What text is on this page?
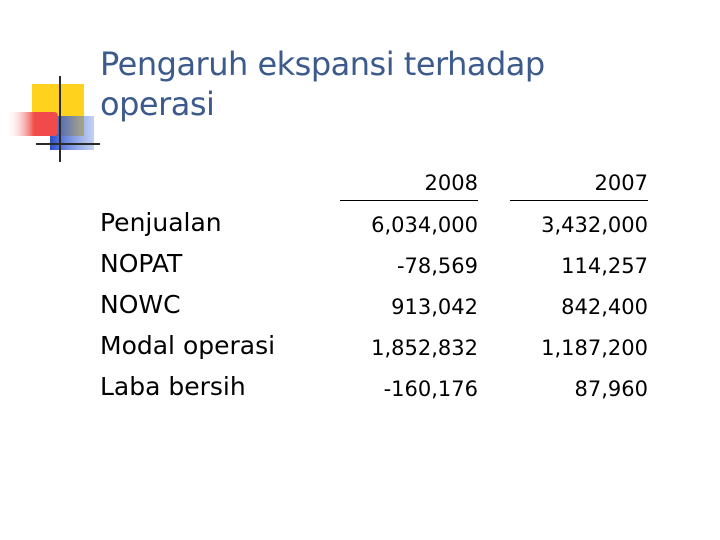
Pengaruh ekspansi terhadap
operasi
Penjualan
NOPAT
NOWC
Modal operasi
Laba bersih
2008
6,034,000
-78,569
913,042
1,852,832
-160,176
2007
3,432,000
114,257
842,400
1,187,200
87,960
